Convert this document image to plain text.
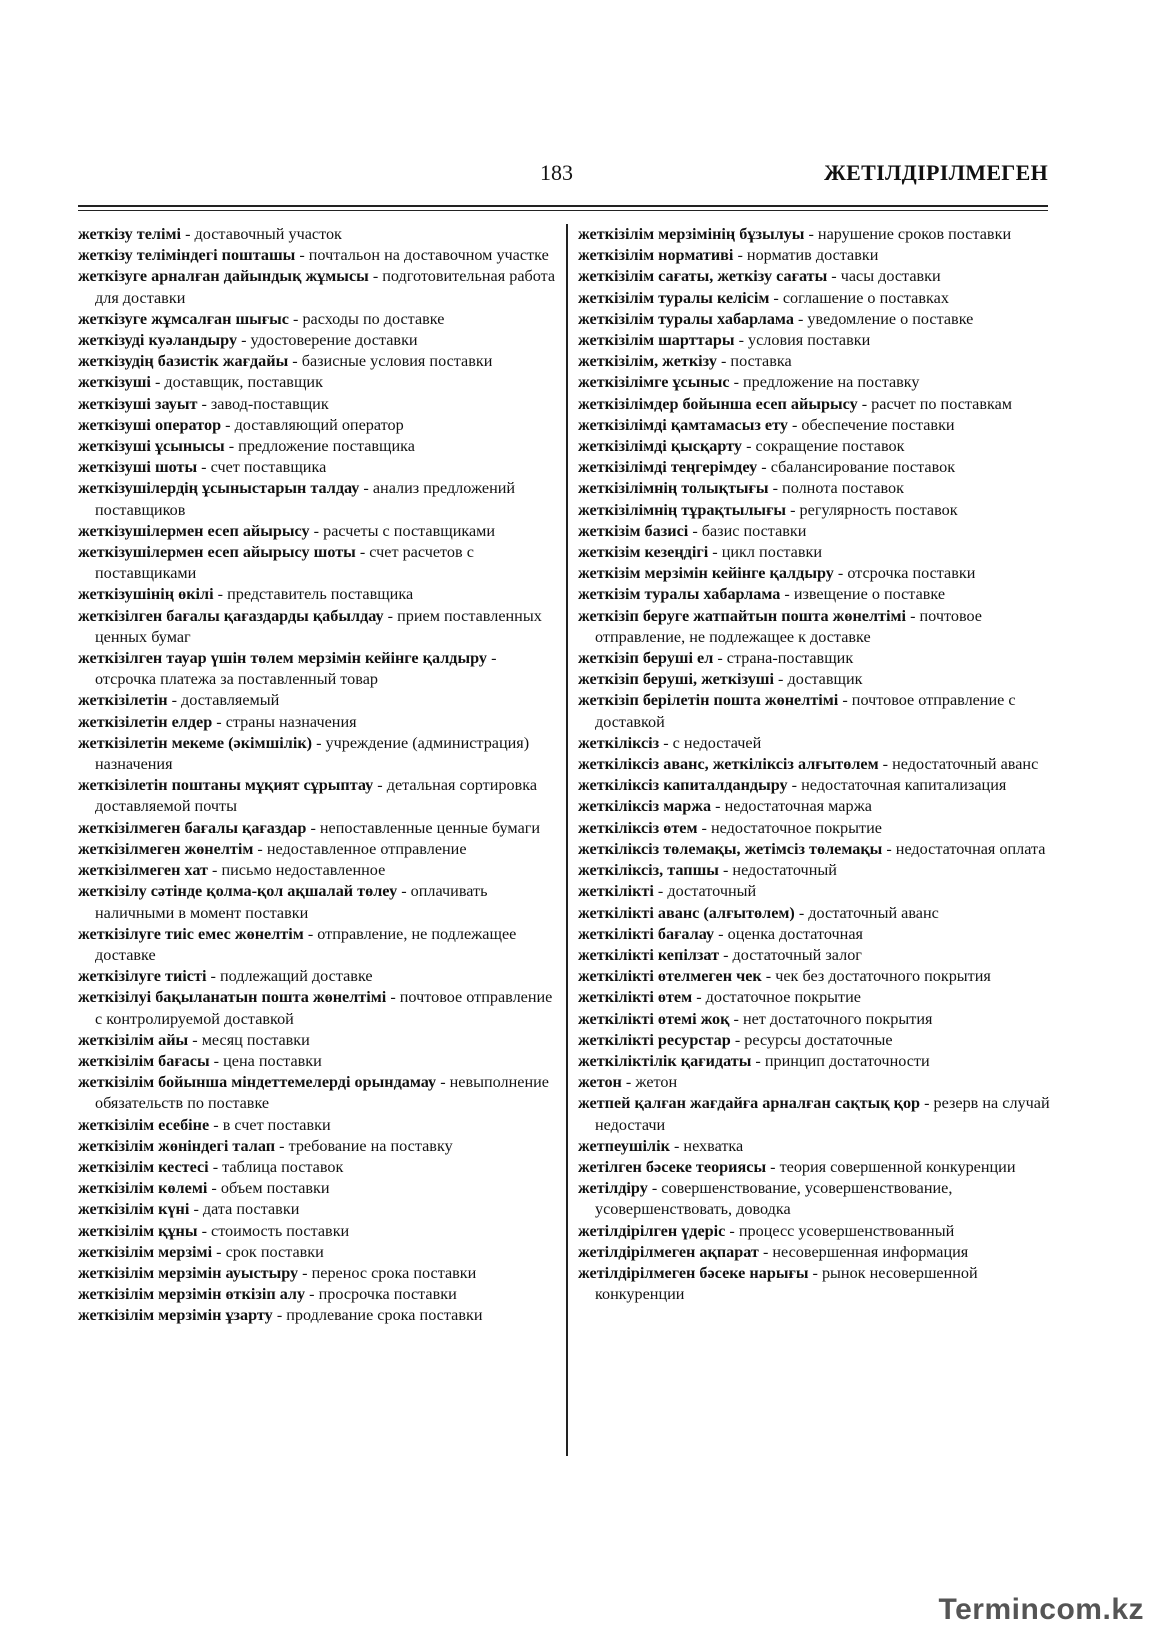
183	ЖЕТІЛДІРІЛМЕГЕН
жеткізу телімі - доставочный участок
жеткізу теліміндегі пошташы - почтальон на доставочном участке
жеткізуге арналған дайындық жұмысы - подготовительная работа для доставки
жеткізуге жұмсалған шығыс - расходы по доставке
жеткізуді куәландыру - удостоверение доставки
жеткізудің базистік жағдайы - базисные условия поставки
жеткізуші - доставщик, поставщик
жеткізуші зауыт - завод-поставщик
жеткізуші оператор - доставляющий оператор
жеткізуші ұсынысы - предложение поставщика
жеткізуші шоты - счет поставщика
жеткізушілердің ұсыныстарын талдау - анализ предложений поставщиков
жеткізушілермен есеп айырысу - расчеты с поставщиками
жеткізушілермен есеп айырысу шоты - счет расчетов с поставщиками
жеткізушінің өкілі - представитель поставщика
жеткізілген бағалы қағаздарды қабылдау - прием поставленных ценных бумаг
жеткізілген тауар үшін төлем мерзімін кейінге қалдыру - отсрочка платежа за поставленный товар
жеткізілетін - доставляемый
жеткізілетін елдер - страны назначения
жеткізілетін мекеме (әкімшілік) - учреждение (администрация) назначения
жеткізілетін поштаны мұқият сұрыптау - детальная сортировка доставляемой почты
жеткізілмеген бағалы қағаздар - непоставленные ценные бумаги
жеткізілмеген жөнелтім - недоставленное отправление
жеткізілмеген хат - письмо недоставленное
жеткізілу сәтінде қолма-қол ақшалай төлеу - оплачивать наличными в момент поставки
жеткізілуге тиіс емес жөнелтім - отправление, не подлежащее доставке
жеткізілуге тиісті - подлежащий доставке
жеткізілуі бақыланатын пошта жөнелтімі - почтовое отправление с контролируемой доставкой
жеткізілім айы - месяц поставки
жеткізілім бағасы - цена поставки
жеткізілім бойынша міндеттемелерді орындамау - невыполнение обязательств по поставке
жеткізілім есебіне - в счет поставки
жеткізілім жөніндегі талап - требование на поставку
жеткізілім кестесі - таблица поставок
жеткізілім көлемі - объем поставки
жеткізілім күні - дата поставки
жеткізілім құны - стоимость поставки
жеткізілім мерзімі - срок поставки
жеткізілім мерзімін ауыстыру - перенос срока поставки
жеткізілім мерзімін өткізіп алу - просрочка поставки
жеткізілім мерзімін ұзарту - продлевание срока поставки
жеткізілім мерзімінің бұзылуы - нарушение сроков поставки
жеткізілім нормативі - норматив доставки
жеткізілім сағаты, жеткізу сағаты - часы доставки
жеткізілім туралы келісім - соглашение о поставках
жеткізілім туралы хабарлама - уведомление о поставке
жеткізілім шарттары - условия поставки
жеткізілім, жеткізу - поставка
жеткізілімге ұсыныс - предложение на поставку
жеткізілімдер бойынша есеп айырысу - расчет по поставкам
жеткізілімді қамтамасыз ету - обеспечение поставки
жеткізілімді қысқарту - сокращение поставок
жеткізілімді теңгерімдеу - сбалансирование поставок
жеткізілімнің толықтығы - полнота поставок
жеткізілімнің тұрақтылығы - регулярность поставок
жеткізім базисі - базис поставки
жеткізім кезеңдігі - цикл поставки
жеткізім мерзімін кейінге қалдыру - отсрочка поставки
жеткізім туралы хабарлама - извещение о поставке
жеткізіп беруге жатпайтын пошта жөнелтімі - почтовое отправление, не подлежащее к доставке
жеткізіп беруші ел - страна-поставщик
жеткізіп беруші, жеткізуші - доставщик
жеткізіп берілетін пошта жөнелтімі - почтовое отправление с доставкой
жеткіліксіз - с недостачей
жеткіліксіз аванс, жеткіліксіз алғытөлем - недостаточный аванс
жеткіліксіз капиталдандыру - недостаточная капитализация
жеткіліксіз маржа - недостаточная маржа
жеткіліксіз өтем - недостаточное покрытие
жеткіліксіз төлемақы, жетімсіз төлемақы - недостаточная оплата
жеткіліксіз, тапшы - недостаточный
жеткілікті - достаточный
жеткілікті аванс (алғытөлем) - достаточный аванс
жеткілікті бағалау - оценка достаточная
жеткілікті кепілзат - достаточный залог
жеткілікті өтелмеген чек - чек без достаточного покрытия
жеткілікті өтем - достаточное покрытие
жеткілікті өтемі жоқ - нет достаточного покрытия
жеткілікті ресурстар - ресурсы достаточные
жеткіліктілік қағидаты - принцип достаточности
жетон - жетон
жетпей қалған жағдайға арналған сақтық қор - резерв на случай недостачи
жетпеушілік - нехватка
жетілген бәсеке теориясы - теория совершенной конкуренции
жетілдіру - совершенствование, усовершенствование, усовершенствовать, доводка
жетілдірілген үдеріс - процесс усовершенствованный
жетілдірілмеген ақпарат - несовершенная информация
жетілдірілмеген бәсеке нарығы - рынок несовершенной конкуренции
Termincom.kz
